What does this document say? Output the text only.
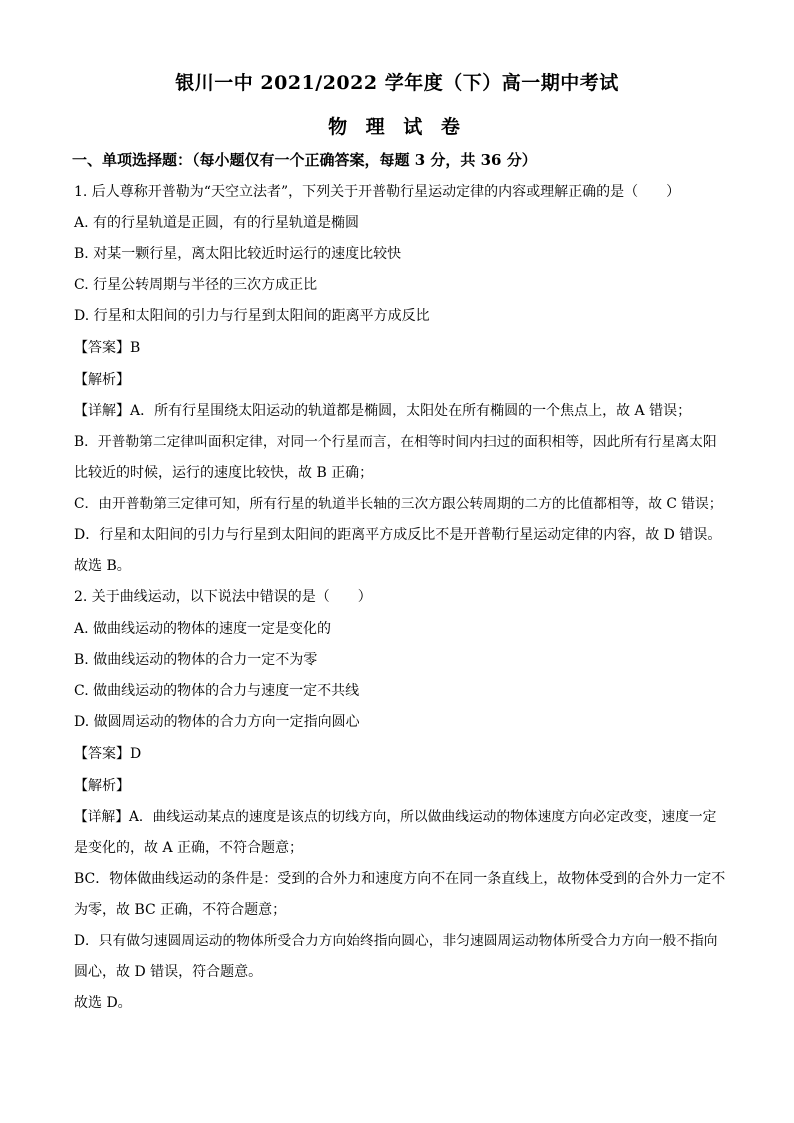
银川一中 2021/2022 学年度（下）高一期中考试
物 理 试 卷
一、单项选择题：（每小题仅有一个正确答案，每题 3 分，共 36 分）
1. 后人尊称开普勒为“天空立法者”，下列关于开普勒行星运动定律的内容或理解正确的是（　　）
A. 有的行星轨道是正圆，有的行星轨道是椭圆
B. 对某一颗行星，离太阳比较近时运行的速度比较快
C. 行星公转周期与半径的三次方成正比
D. 行星和太阳间的引力与行星到太阳间的距离平方成反比
【答案】B
【解析】
【详解】A．所有行星围绕太阳运动的轨道都是椭圆，太阳处在所有椭圆的一个焦点上，故 A 错误；
B．开普勒第二定律叫面积定律，对同一个行星而言，在相等时间内扫过的面积相等，因此所有行星离太阳
比较近的时候，运行的速度比较快，故 B 正确；
C．由开普勒第三定律可知，所有行星的轨道半长轴的三次方跟公转周期的二方的比值都相等，故 C 错误；
D．行星和太阳间的引力与行星到太阳间的距离平方成反比不是开普勒行星运动定律的内容，故 D 错误。
故选 B。
2. 关于曲线运动，以下说法中错误的是（　　）
A. 做曲线运动的物体的速度一定是变化的
B. 做曲线运动的物体的合力一定不为零
C. 做曲线运动的物体的合力与速度一定不共线
D. 做圆周运动的物体的合力方向一定指向圆心
【答案】D
【解析】
【详解】A．曲线运动某点的速度是该点的切线方向，所以做曲线运动的物体速度方向必定改变，速度一定
是变化的，故 A 正确，不符合题意；
BC．物体做曲线运动的条件是：受到的合外力和速度方向不在同一条直线上，故物体受到的合外力一定不
为零，故 BC 正确，不符合题意；
D．只有做匀速圆周运动的物体所受合力方向始终指向圆心，非匀速圆周运动物体所受合力方向一般不指向
圆心，故 D 错误，符合题意。
故选 D。
